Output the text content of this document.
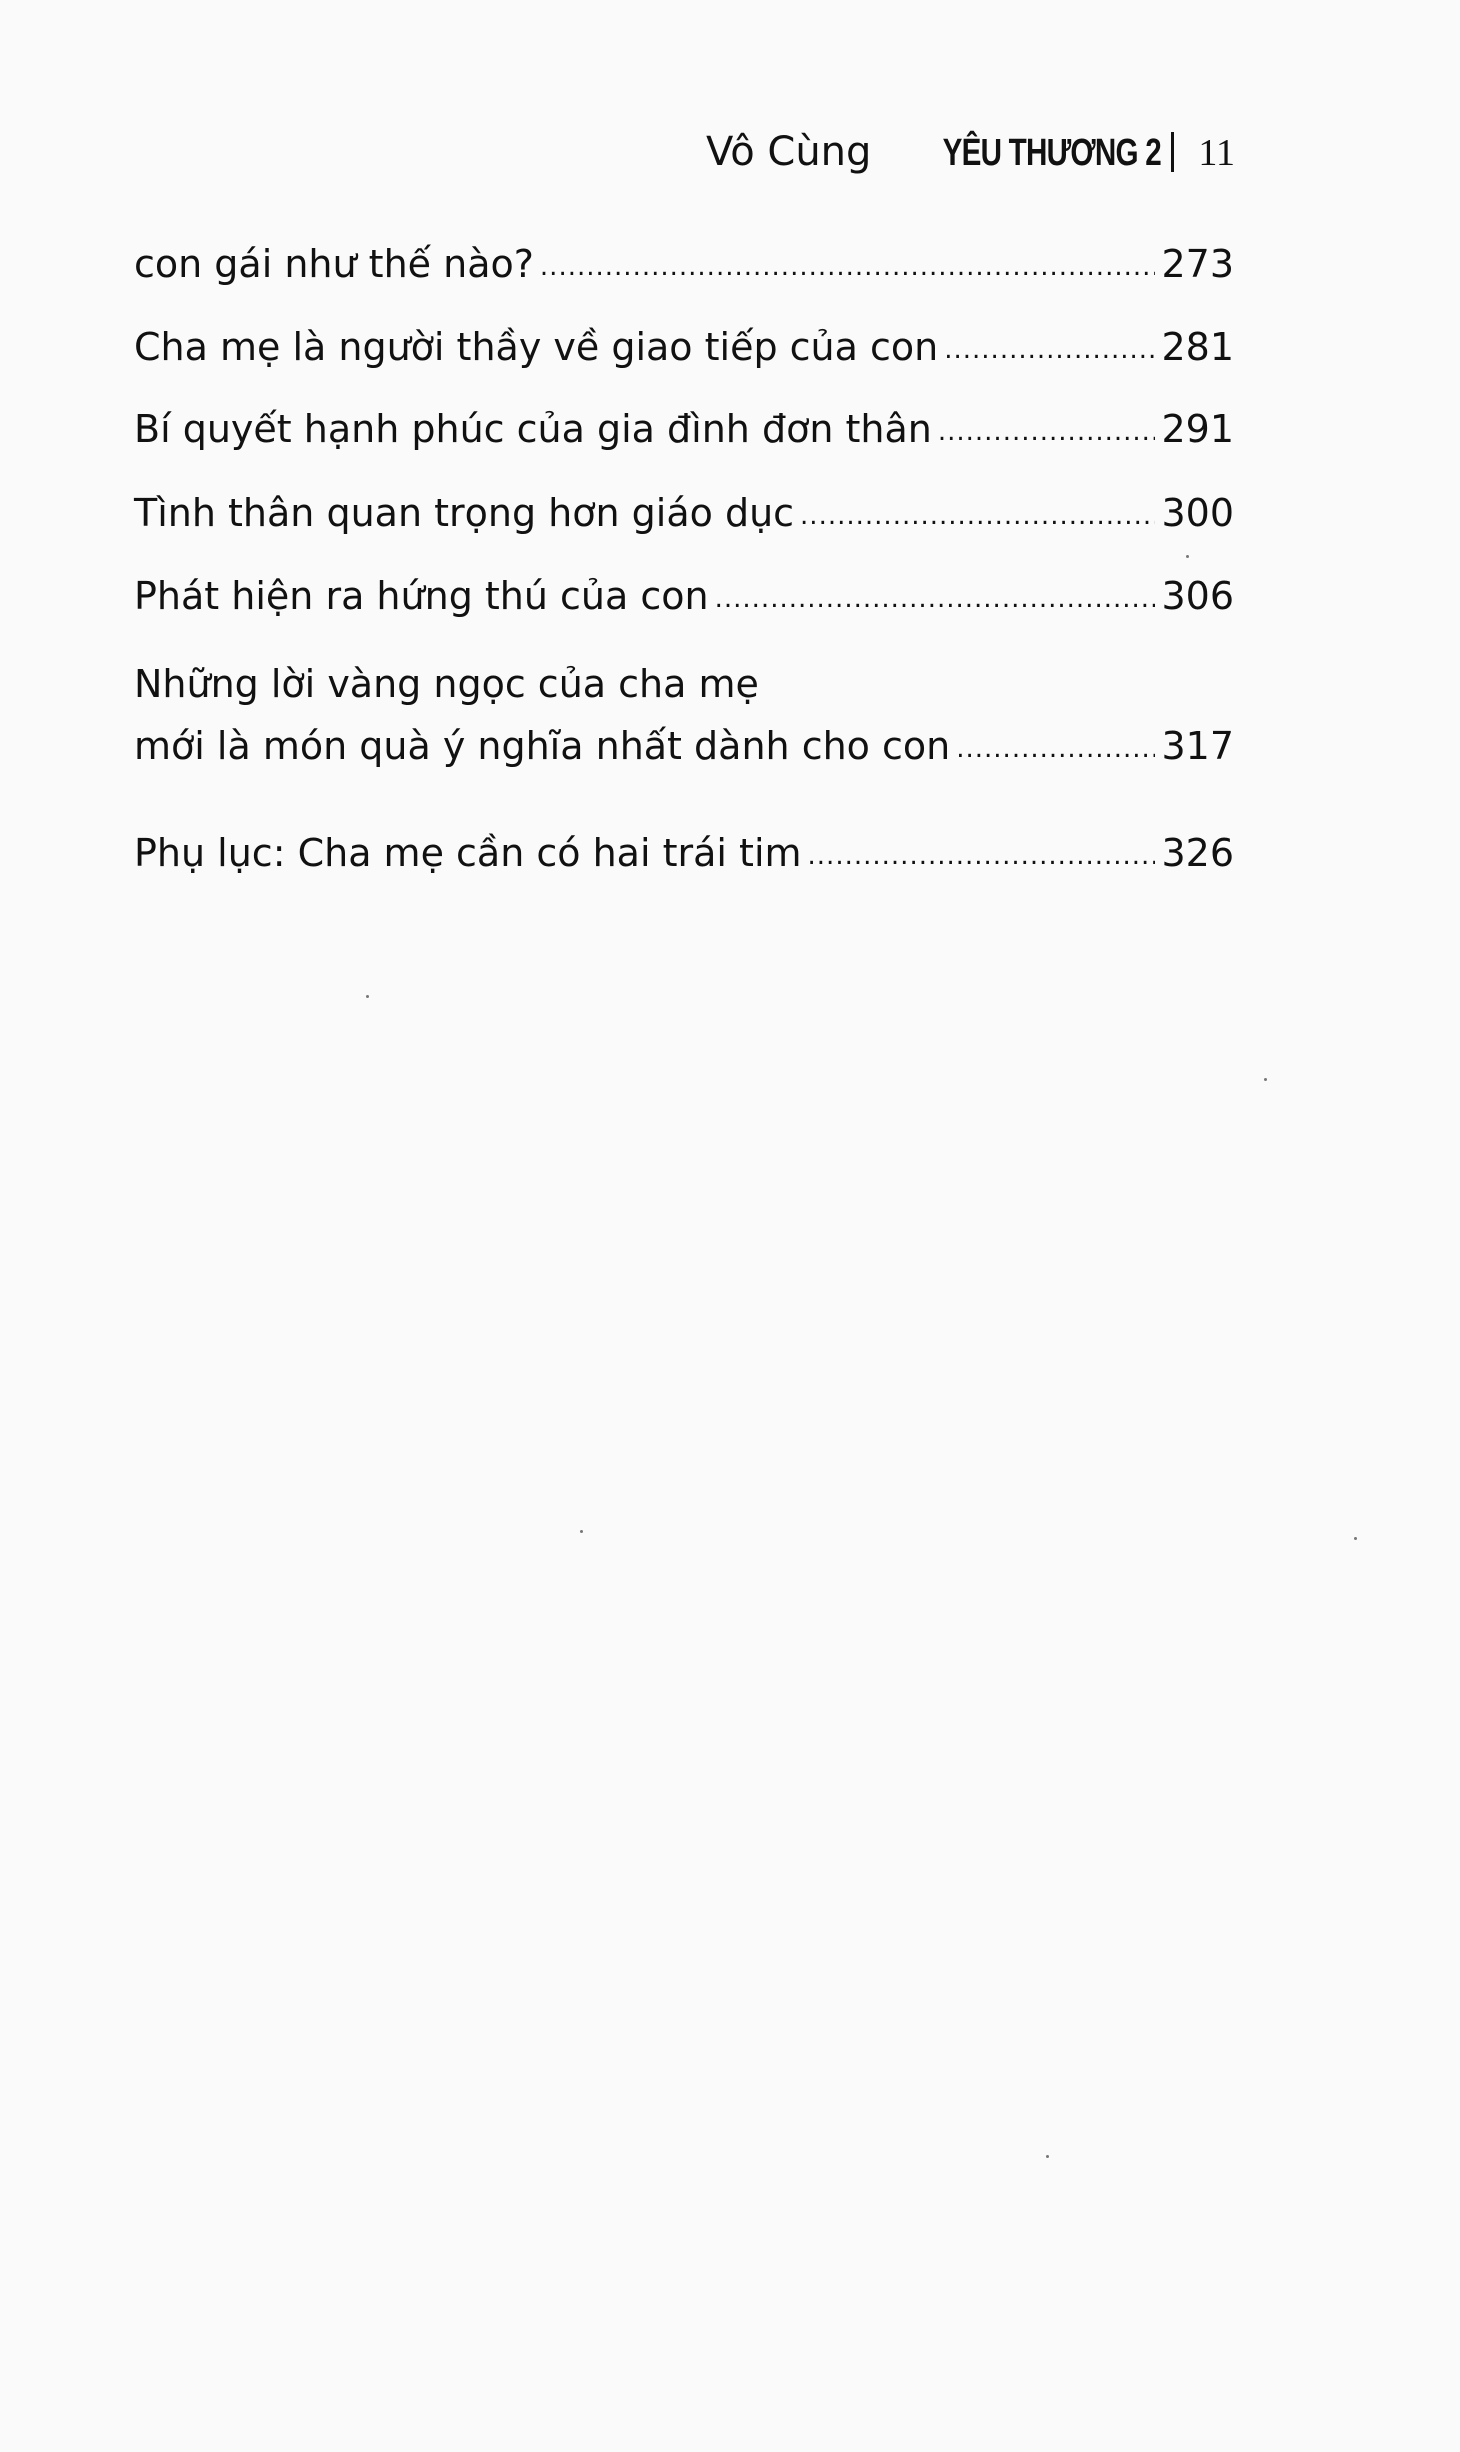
Vô Cùng YÊU THƯƠNG 2 11
con gái như thế nào? .....	273
Cha mẹ là người thầy về giao tiếp của con .....	281
Bí quyết hạnh phúc của gia đình đơn thân .....	291
Tình thân quan trọng hơn giáo dục .....	300
Phát hiện ra hứng thú của con .....	306
Những lời vàng ngọc của cha mẹ
mới là món quà ý nghĩa nhất dành cho con .....	317
Phụ lục: Cha mẹ cần có hai trái tim .....	326
